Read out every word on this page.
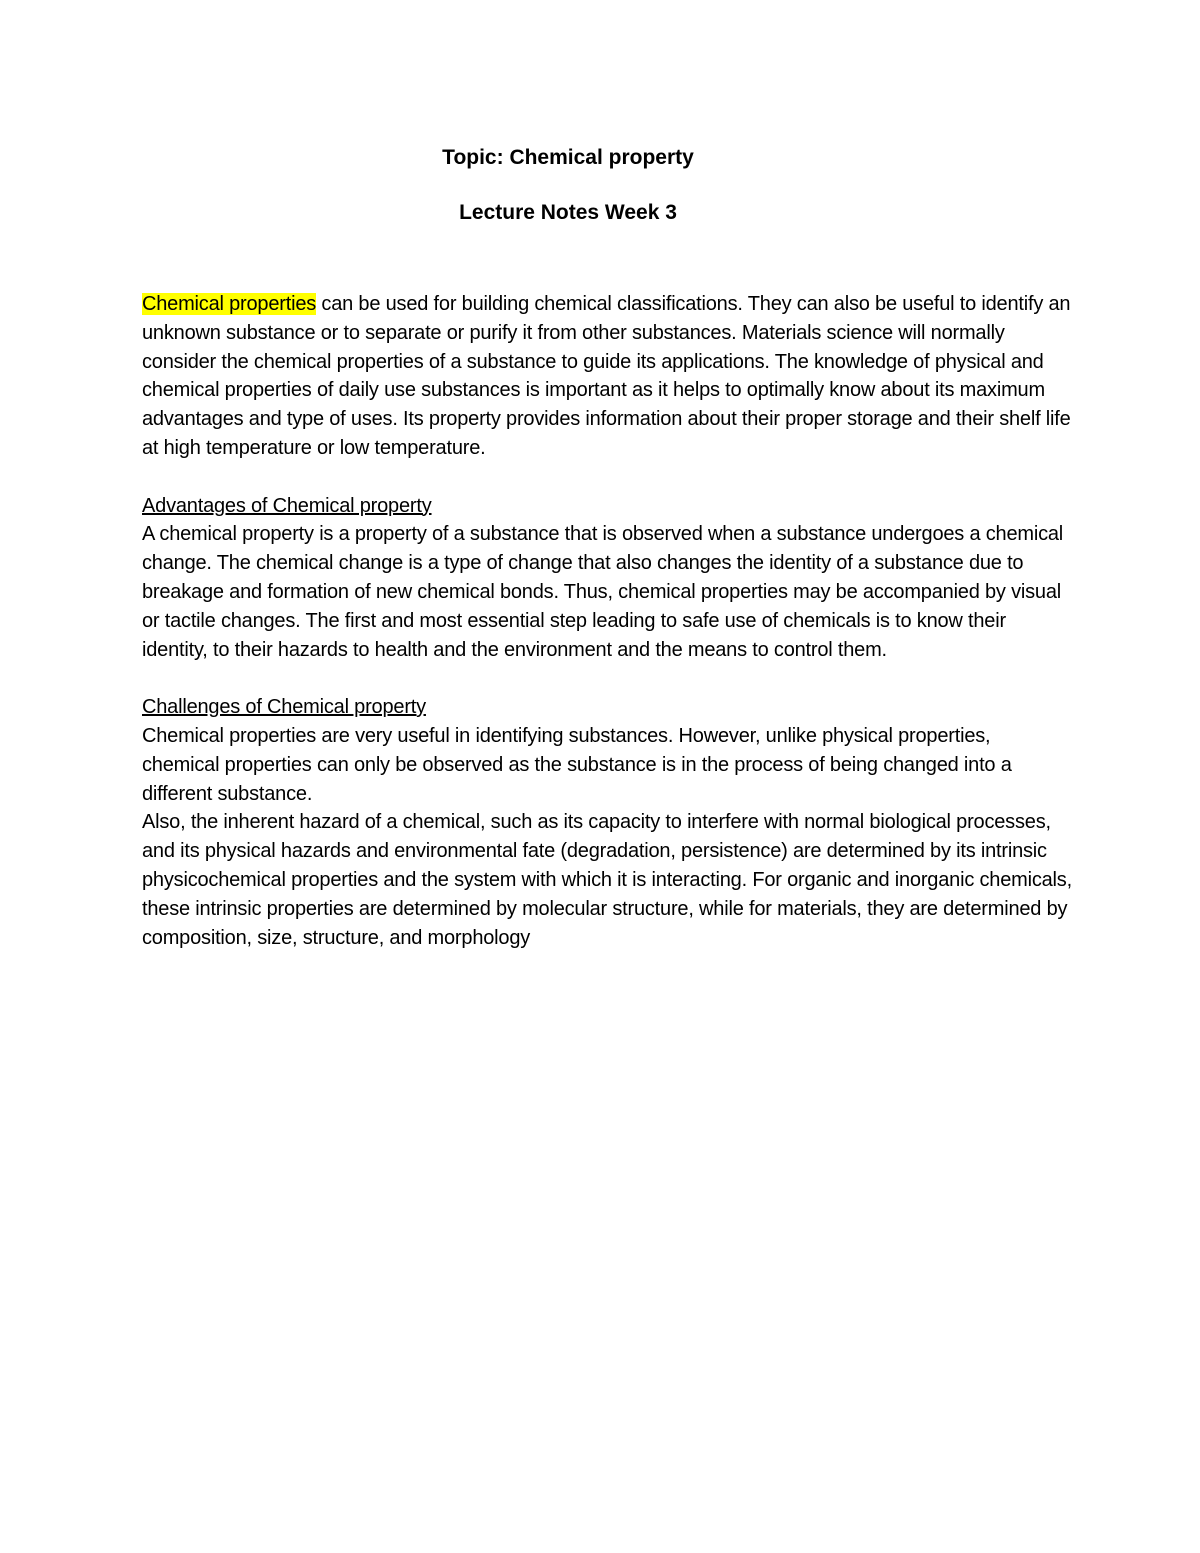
Topic: Chemical property
Lecture Notes Week 3

Chemical properties can be used for building chemical classifications. They can also be useful to identify an unknown substance or to separate or purify it from other substances. Materials science will normally consider the chemical properties of a substance to guide its applications. The knowledge of physical and chemical properties of daily use substances is important as it helps to optimally know about its maximum advantages and type of uses. Its property provides information about their proper storage and their shelf life at high temperature or low temperature.

Advantages of Chemical property

A chemical property is a property of a substance that is observed when a substance undergoes a chemical change. The chemical change is a type of change that also changes the identity of a substance due to breakage and formation of new chemical bonds. Thus, chemical properties may be accompanied by visual or tactile changes. The first and most essential step leading to safe use of chemicals is to know their identity, to their hazards to health and the environment and the means to control them.

Challenges of Chemical property

Chemical properties are very useful in identifying substances. However, unlike physical properties, chemical properties can only be observed as the substance is in the process of being changed into a different substance.

Also, the inherent hazard of a chemical, such as its capacity to interfere with normal biological processes, and its physical hazards and environmental fate (degradation, persistence) are determined by its intrinsic physicochemical properties and the system with which it is interacting. For organic and inorganic chemicals, these intrinsic properties are determined by molecular structure, while for materials, they are determined by composition, size, structure, and morphology
